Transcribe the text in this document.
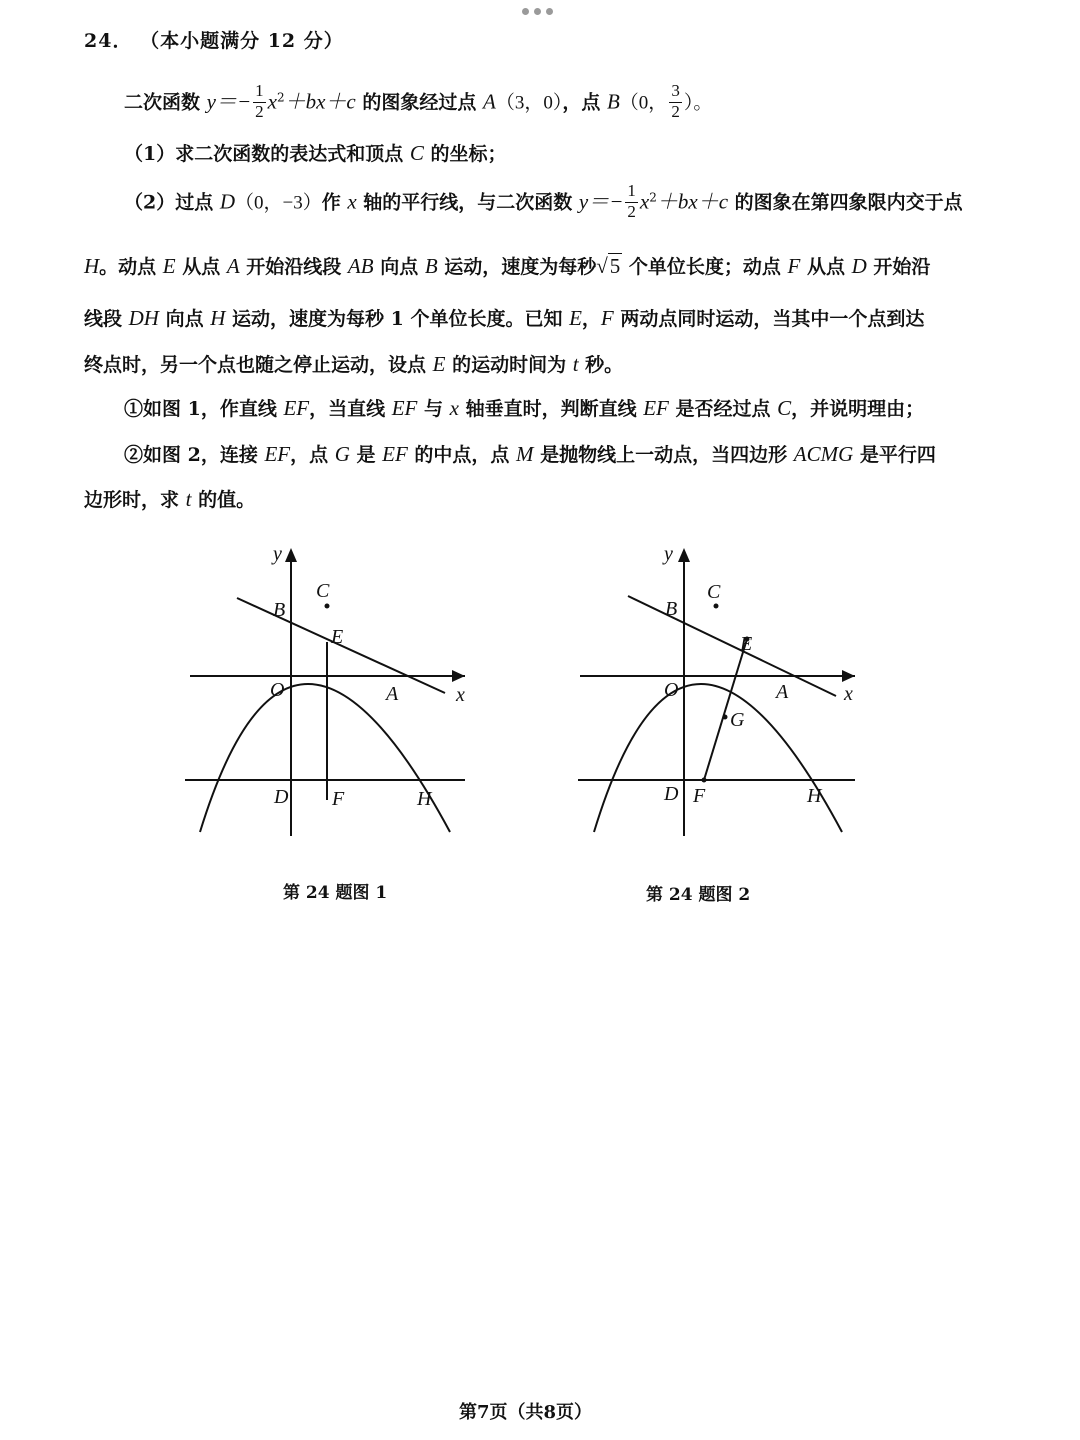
24． （本小题满分 12 分）
二次函数 $y=- \frac{1}{2} x^2+bx+c$ 的图象经过点 A（3，0），点 B（0， $\frac{3}{2}$ ）。
（1）求二次函数的表达式和顶点 C 的坐标；
（2）过点 D（0，−3）作 x 轴的平行线，与二次函数 $y=- \frac{1}{2} x^2+bx+c$ 的图象在第四象限内交于点
H。动点 E 从点 A 开始沿线段 AB 向点 B 运动，速度为每秒√5 个单位长度；动点 F 从点 D 开始沿
线段 DH 向点 H 运动，速度为每秒 1 个单位长度。已知 E，F 两动点同时运动，当其中一个点到达
终点时，另一个点也随之停止运动，设点 E 的运动时间为 t 秒。
①如图 1，作直线 EF，当直线 EF 与 x 轴垂直时，判断直线 EF 是否经过点 C，并说明理由；
②如图 2，连接 EF，点 G 是 EF 的中点，点 M 是抛物线上一动点，当四边形 ACMG 是平行四
边形时，求 t 的值。
y
x
O	A
B
C
E
D F	H
y
x
O	A
B
C
E
G
D F	H
第 24 题图 1	第 24 题图 2
第7页（共8页）
